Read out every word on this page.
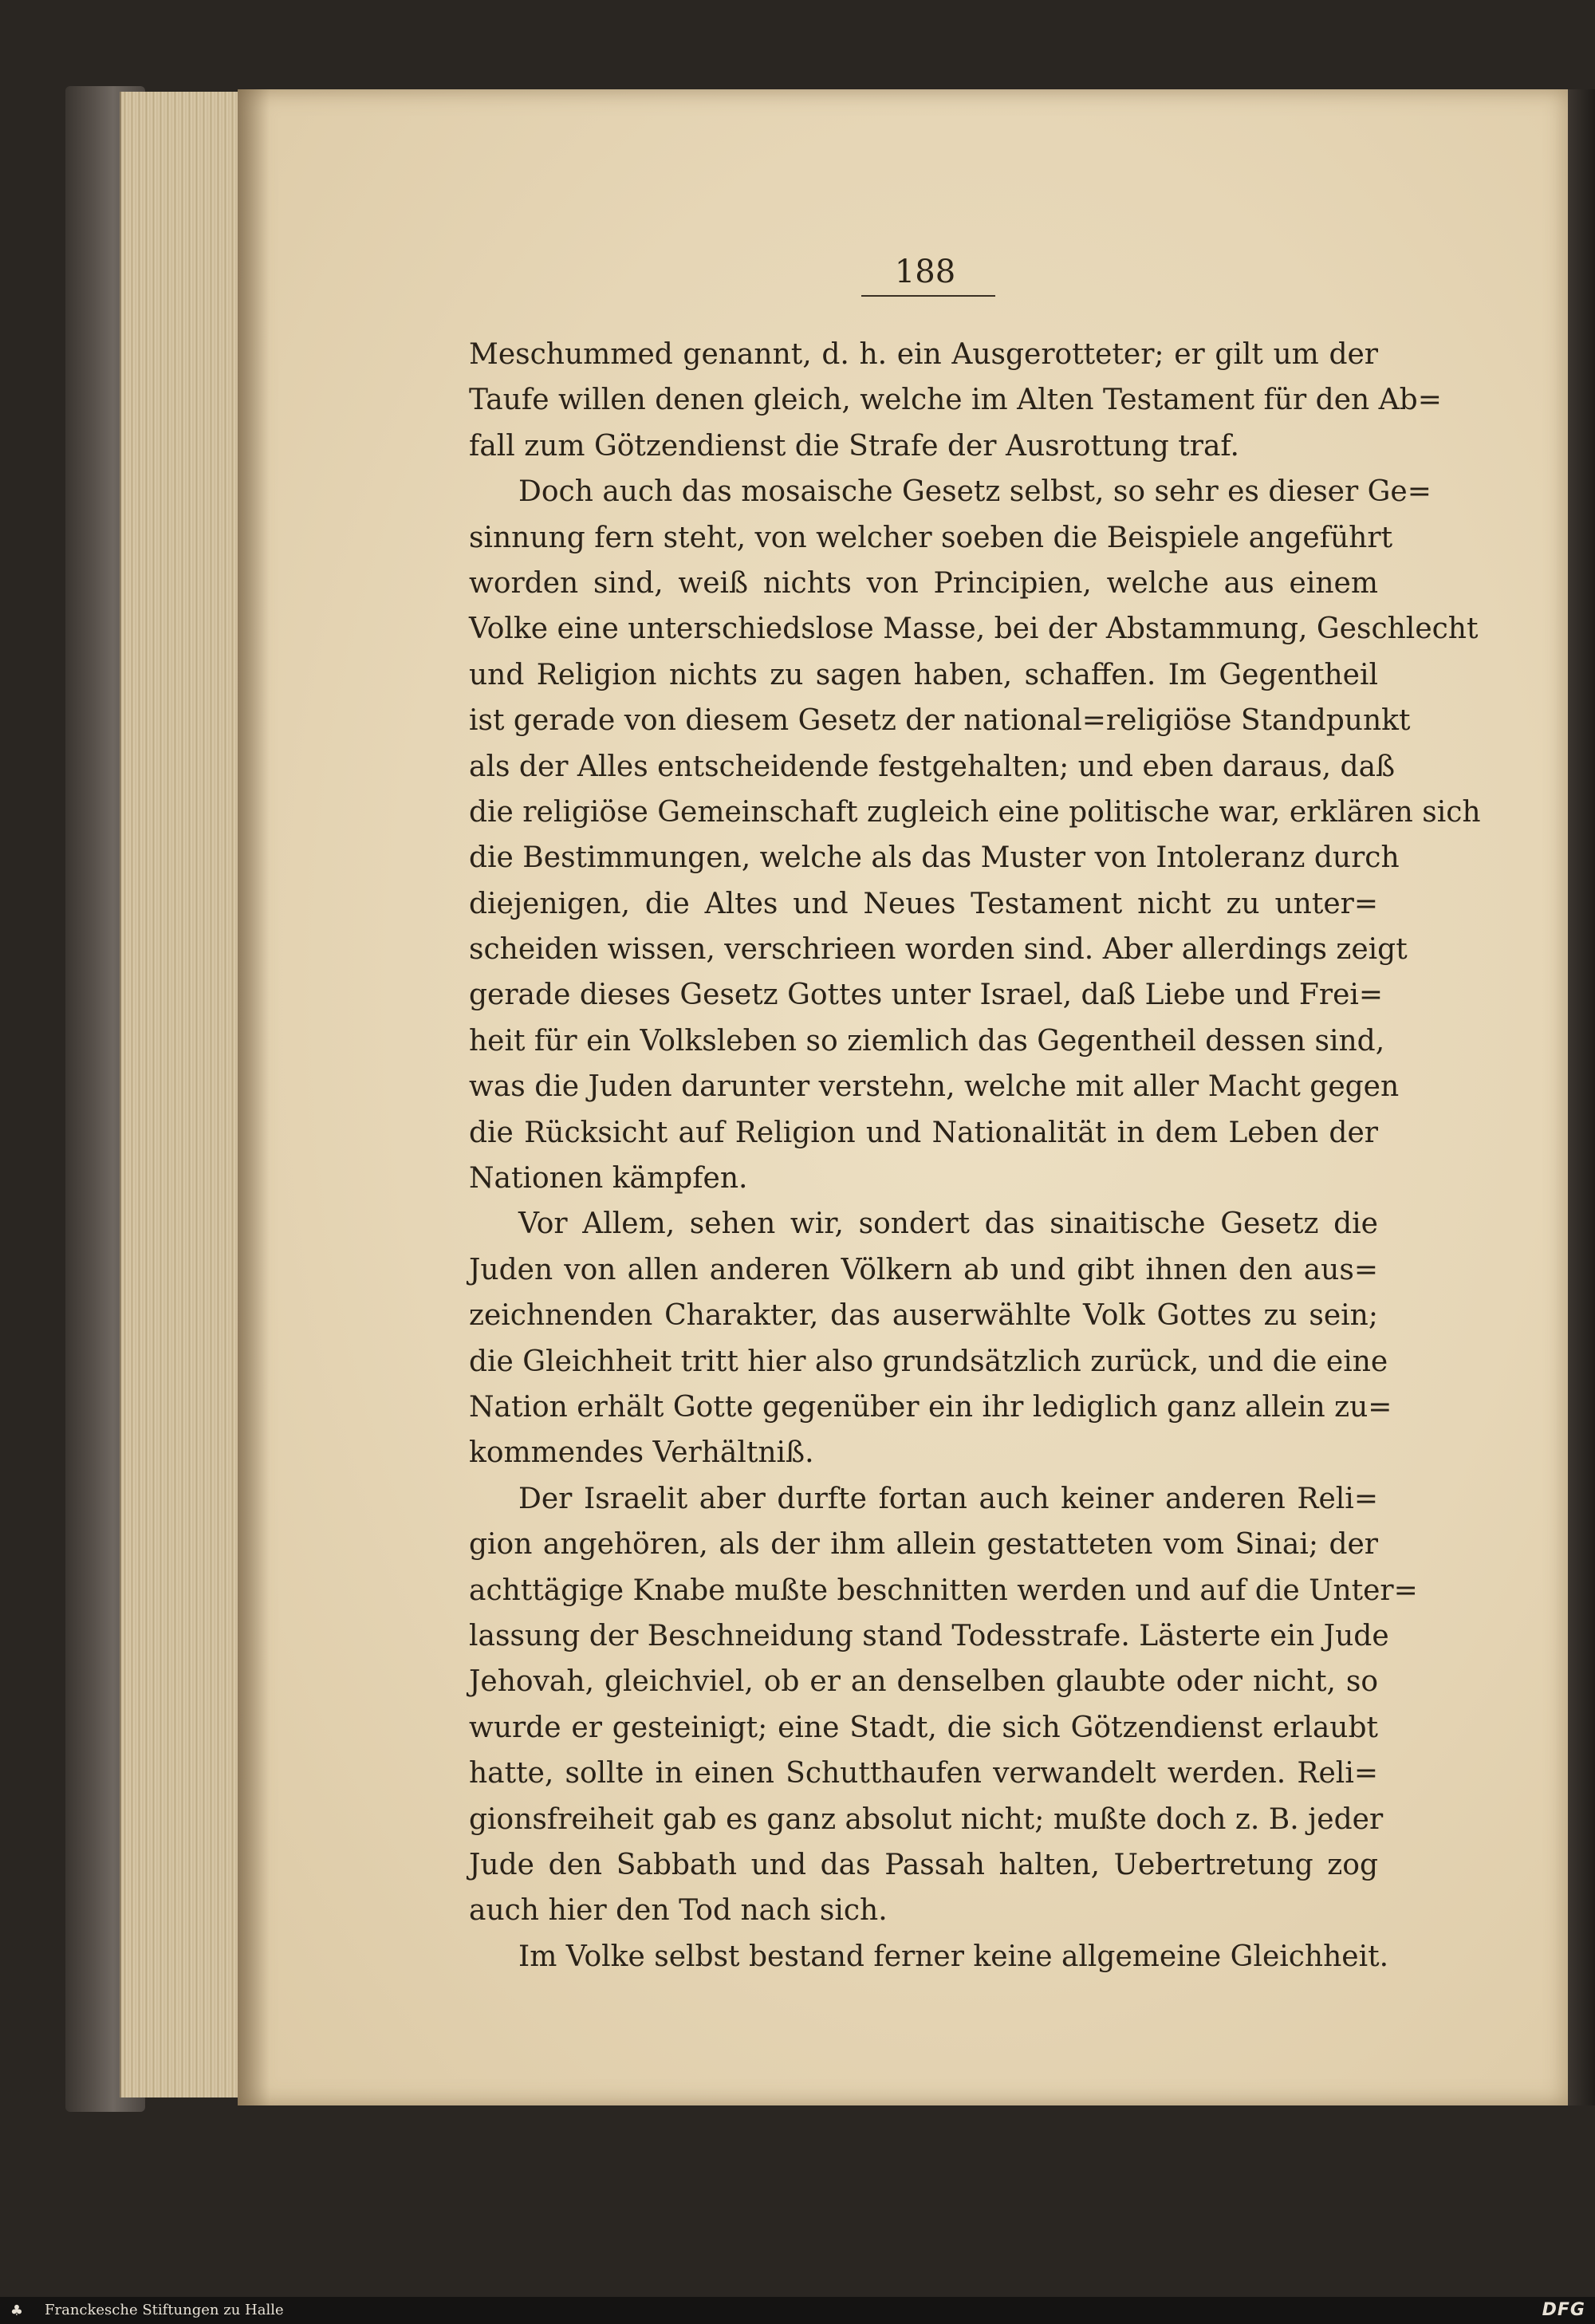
188
Meschummed genannt, d. h. ein Ausgerotteter; er gilt um der
Taufe willen denen gleich, welche im Alten Testament für den Ab=
fall zum Götzendienst die Strafe der Ausrottung traf.
Doch auch das mosaische Gesetz selbst, so sehr es dieser Ge=
sinnung fern steht, von welcher soeben die Beispiele angeführt
worden sind, weiß nichts von Principien, welche aus einem
Volke eine unterschiedslose Masse, bei der Abstammung, Geschlecht
und Religion nichts zu sagen haben, schaffen. Im Gegentheil
ist gerade von diesem Gesetz der national=religiöse Standpunkt
als der Alles entscheidende festgehalten; und eben daraus, daß
die religiöse Gemeinschaft zugleich eine politische war, erklären sich
die Bestimmungen, welche als das Muster von Intoleranz durch
diejenigen, die Altes und Neues Testament nicht zu unter=
scheiden wissen, verschrieen worden sind. Aber allerdings zeigt
gerade dieses Gesetz Gottes unter Israel, daß Liebe und Frei=
heit für ein Volksleben so ziemlich das Gegentheil dessen sind,
was die Juden darunter verstehn, welche mit aller Macht gegen
die Rücksicht auf Religion und Nationalität in dem Leben der
Nationen kämpfen.
Vor Allem, sehen wir, sondert das sinaitische Gesetz die
Juden von allen anderen Völkern ab und gibt ihnen den aus=
zeichnenden Charakter, das auserwählte Volk Gottes zu sein;
die Gleichheit tritt hier also grundsätzlich zurück, und die eine
Nation erhält Gotte gegenüber ein ihr lediglich ganz allein zu=
kommendes Verhältniß.
Der Israelit aber durfte fortan auch keiner anderen Reli=
gion angehören, als der ihm allein gestatteten vom Sinai; der
achttägige Knabe mußte beschnitten werden und auf die Unter=
lassung der Beschneidung stand Todesstrafe. Lästerte ein Jude
Jehovah, gleichviel, ob er an denselben glaubte oder nicht, so
wurde er gesteinigt; eine Stadt, die sich Götzendienst erlaubt
hatte, sollte in einen Schutthaufen verwandelt werden. Reli=
gionsfreiheit gab es ganz absolut nicht; mußte doch z. B. jeder
Jude den Sabbath und das Passah halten, Uebertretung zog
auch hier den Tod nach sich.
Im Volke selbst bestand ferner keine allgemeine Gleichheit.
♣ Franckesche Stiftungen zu Halle	DFG
